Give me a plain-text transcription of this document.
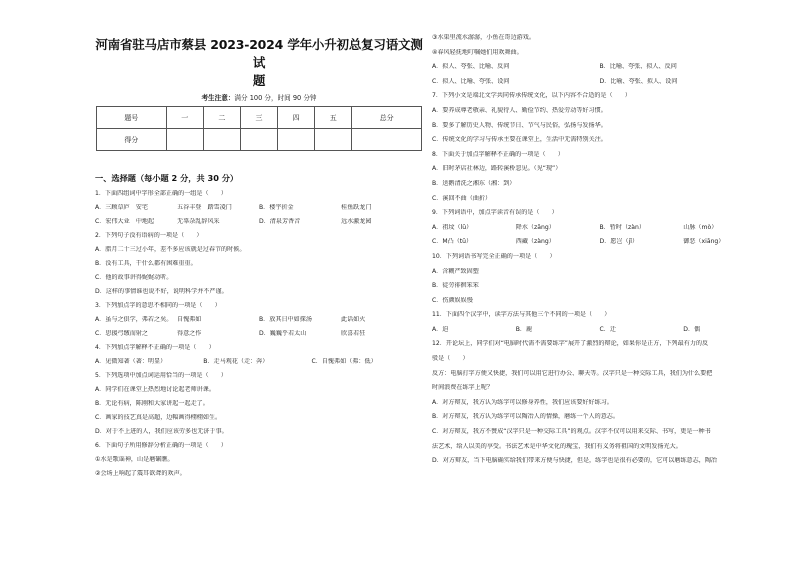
河南省驻马店市蔡县 2023-2024 学年小升初总复习语文测试
题
考生注意：满分 100 分，时间 90 分钟
题号	一	二	三	四	五	总分
得分						
一、选择题（每小题 2 分，共 30 分）
1．下面四组词中字形全部正确的一组是（　　）
A．三顾草庐　安宅	五谷丰登　踏雪凌门	B．楼宇折金	桂鱼跃龙门
C．宏伟大业　中地起	无辜杂乱辞风采	D．清泉芳香音	远水激龙园
2．下列句子没有语病的一项是（　　）
A．腊月二十三过小年，差不多应该就是过春节的时候。
B．没有工具，干什么都有困难重重。
C．他的故事讲得娓娓动听。
D．这样的事情谁也说不好，说明科学并不严谨。
3．下列加点字的意思不相同的一项是（　　）
A．虽与之俱学，弗若之矣。 自愧弗如	B．放其日中如探汤	此话如火
C．思援弓缴而射之	得意之作	D．巍巍乎若太山	欣喜若狂
4．下列加点字解释不正确的一项是（　　）
A．见微知著（著：明显）	B．走马观花（走：奔）	C．自愧弗如（弗：低）
5．下列选项中加点词运用恰当的一项是（　　）
A．同学们在课堂上热烈地讨论起老师讲课。
B．无论有病，陈刚和大家讲起一起走了。
C．画家的技艺真是高超，边幅画得栩栩如生。
D．对于不上进的人，我们应该劳多也无济于事。
6．下面句子所用修辞分析正确的一项是（　　）
①水是歌谣神，山是磨碾瞧。
②会场上响起了震耳欲聋的欢声。
③水渠里流水潺潺，小鱼在哥边游戏。
④春风轻抚地叮嘱她们用欢舞曲。
A．拟人、夸张、比喻、反问	B．比喻、夸张、拟人、反问
C．拟人、比喻、夸张、设问	D．比喻、夸张、拟人、设问
7．下列小文是端北文学共同传承传统文化，以下内容不合适的是（　　）
A．要养成尊老敬亲、礼貌待人、勤俭节约、热爱劳动等好习惯。
B．要多了解历史人物、传统节日、节气与民俗，弘扬与发扬华。
C．传统文化的学习与传承主要在课堂上，生活中无需特别关注。
8．下面关于加点字解释不正确的一项是（　　）
A．旧时茅店社林边，路转溪桥忽见。（见“现”）
B．送鹅清洗之湘东（湘：到）
C．溪回不曲（曲折）
9．下列词语中，加点字读音有误的是（　　）
A．祖坟（lǘ）	降水（zāng）	B．暂时（zàn）	山脉（mò）
C．M凸（tū）	西藏（zàng）	D．愿岂（jǐ）	御恶（xiāng）
10．下列词语书写完全正确的一项是（　　）
A．含糊严致固塑
B．徒劳徘徊笨笨
C．伤颜娱娱慢
11．下面四个汉字中，读字方法与其他三个不同的一项是（　　）
A．迫	B．鹿	C．迁	D．偶
12．开论坛上，同学们对“电脑时代需不需要练字”展开了激烈的辩论，如果你是正方，下列最有力的反
驳是（　　）
反方：电脑打字方便又快捷，我们可以用它进行办公、聊天等。汉字只是一种交际工具，我们为什么要把
时间浪费在练字上呢？
A．对方辩友，我方认为练字可以修身养性，我们应该要好好练习。
B．对方辩友，我方认为练字可以陶冶人的情操，磨练一个人的意志。
C．对方辩友，我方不赞成“汉字只是一种交际工具”的观点。汉字不仅可以用来交际、书写，更是一种书
法艺术，给人以美的享受。书法艺术是中华文化的瑰宝，我们有义务将祖国的文明发扬光大。
D．对方辩友，当下电脑确实给我们带来方便与快捷，但是，练字也是很有必要的，它可以磨练意志，陶冶
